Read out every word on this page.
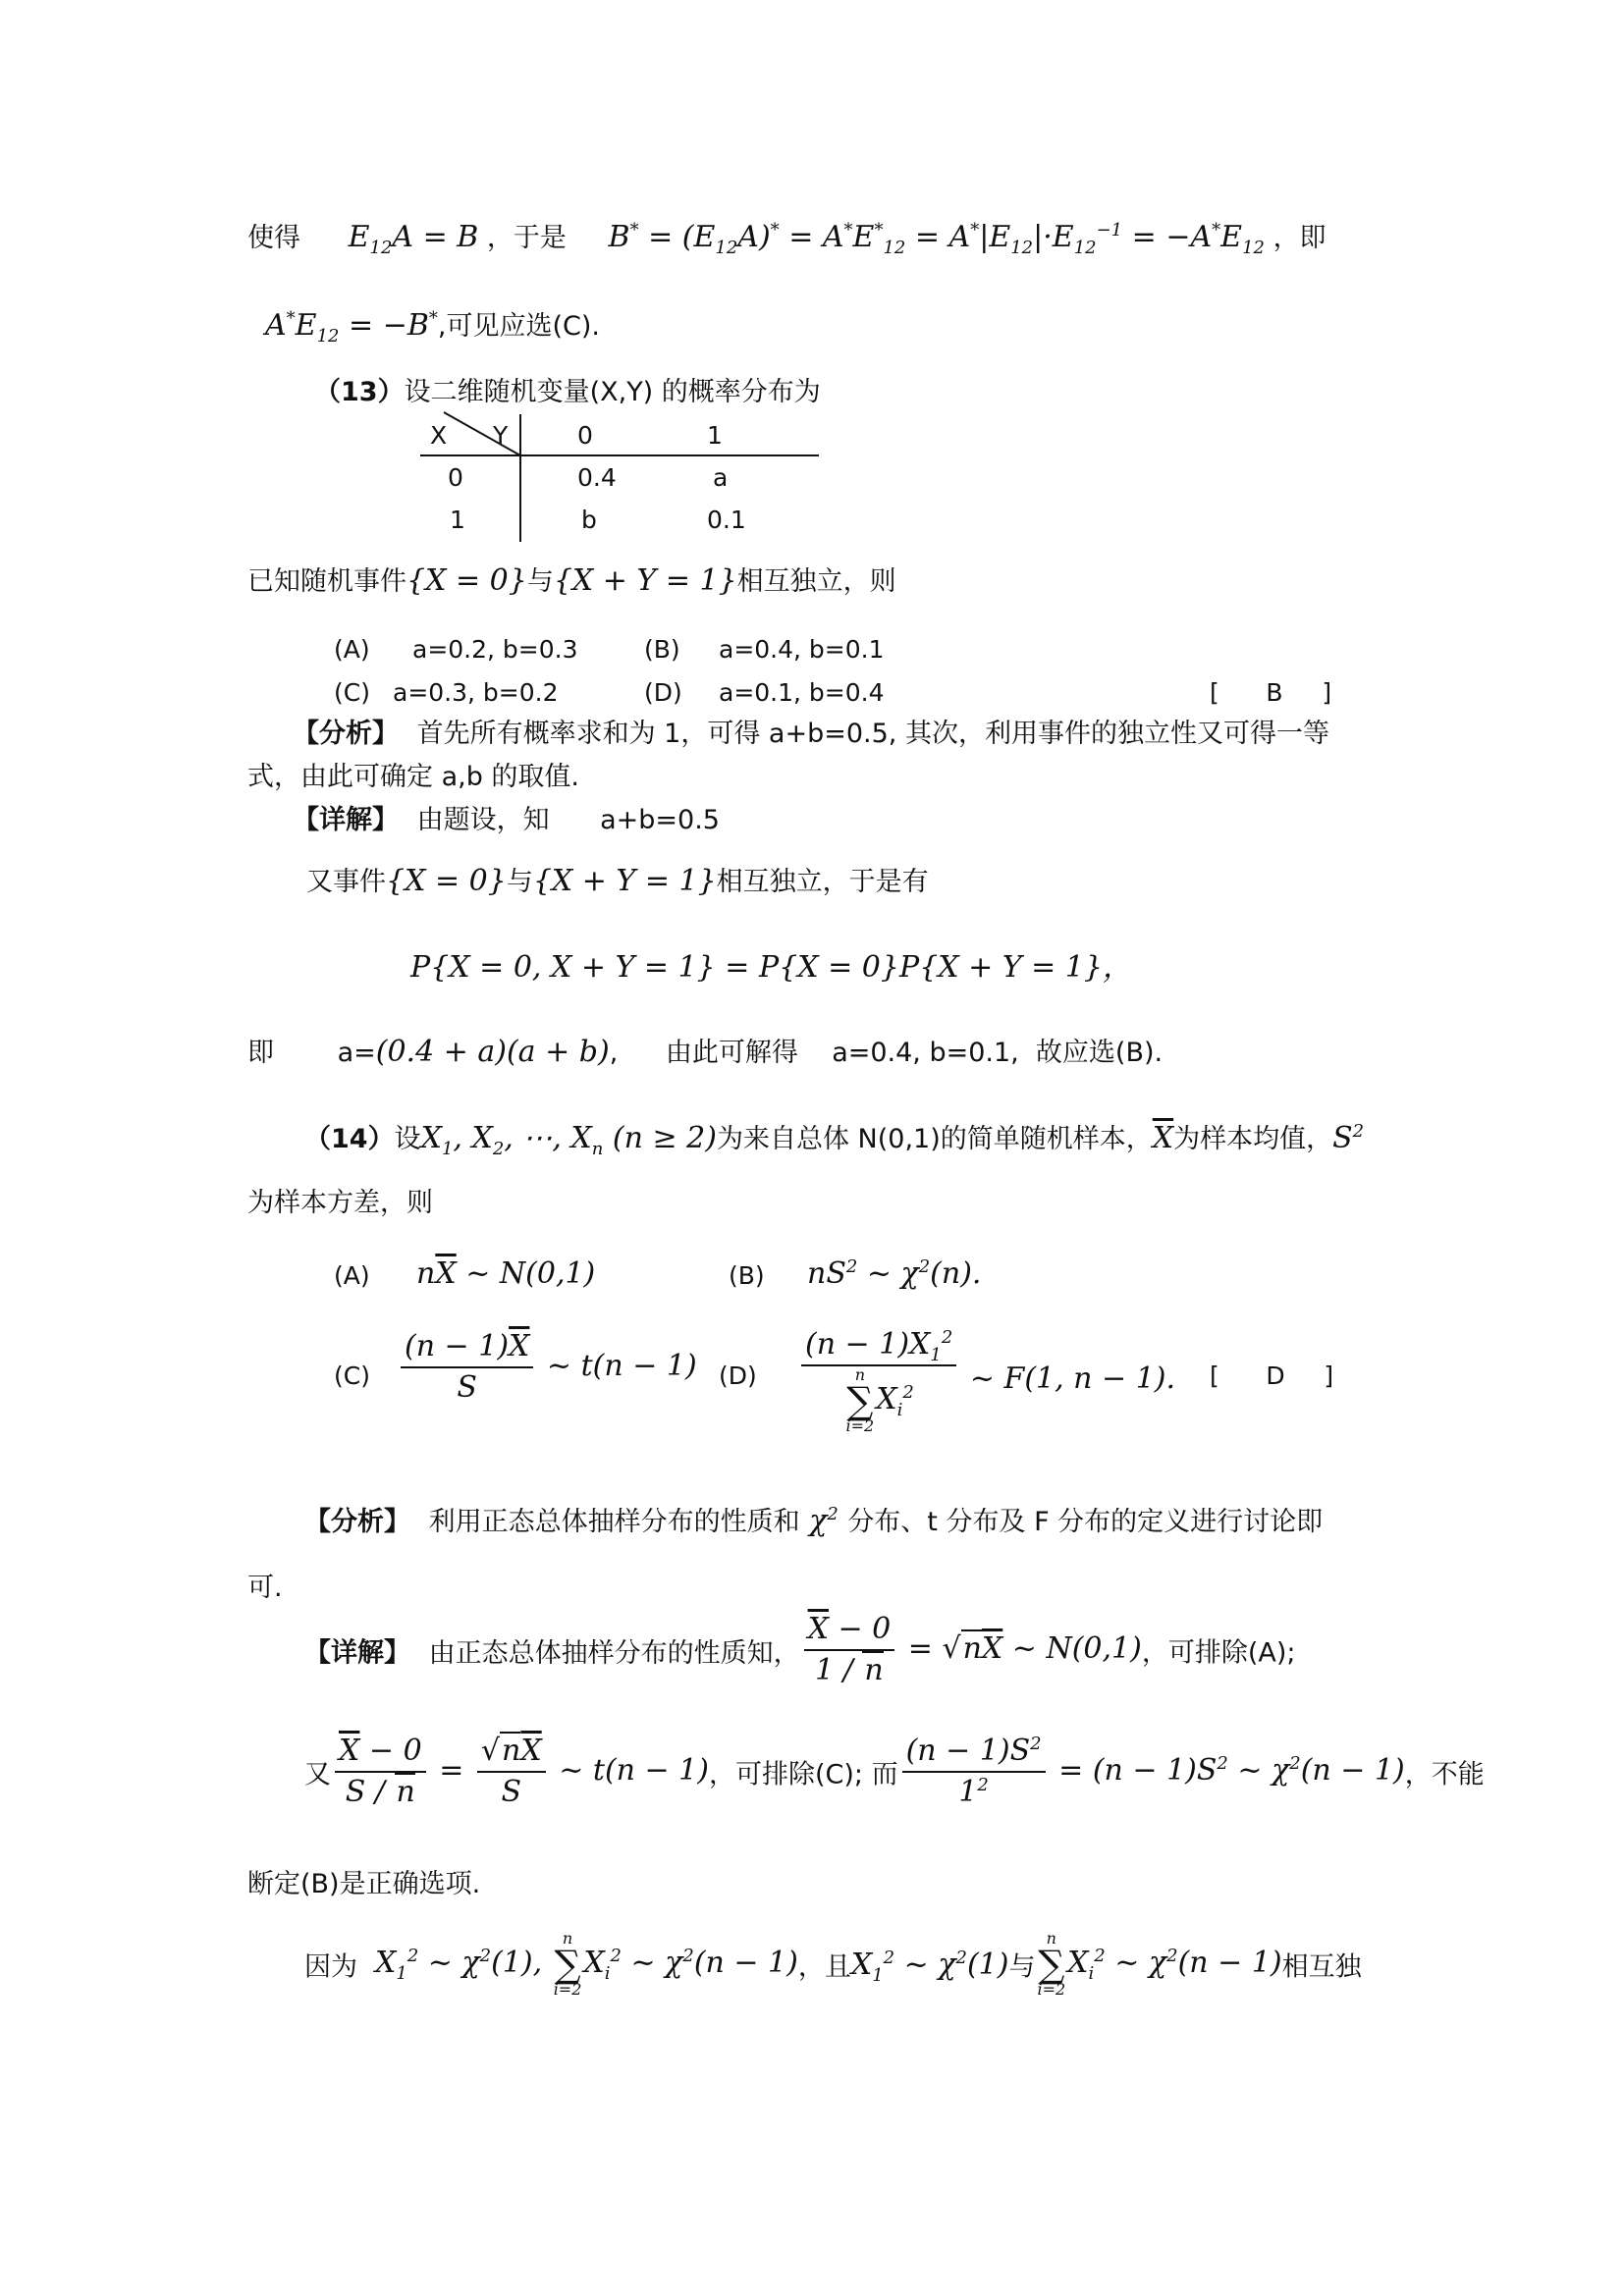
使得 $E_{12}A = B$ ，于是 $B^* = (E_{12}A)^* = A^*E^*_{12} = A^*|E_{12}|\cdot E_{12}^{-1} = -A^*E_{12}$ ，即
$A^*E_{12} = -B^*$,可见应选(C).
（13）设二维随机变量(X,Y) 的概率分布为
X Y	0	1
0	0.4	a
1	b	0.1
已知随机事件{X = 0}与{X + Y = 1}相互独立，则
(A) a=0.2, b=0.3	(B) a=0.4, b=0.1
(C) a=0.3, b=0.2	(D) a=0.1, b=0.4	[      B     ]
【分析】 首先所有概率求和为 1，可得 a+b=0.5, 其次，利用事件的独立性又可得一等
式，由此可确定 a,b 的取值.
【详解】 由题设，知      a+b=0.5
又事件{X = 0}与{X + Y = 1}相互独立，于是有
P{X = 0, X + Y = 1} = P{X = 0}P{X + Y = 1}，
即 a=(0.4 + a)(a + b), 由此可解得    a=0.4, b=0.1,  故应选(B).
（14）设$X_1$, $X_2$, ⋯, $X_n$ (n ≥ 2)为来自总体 N(0,1)的简单随机样本，$\overline{X}$为样本均值，$S^2$
为样本方差，则
(A) $n\overline{X}$ ~ N(0,1)	(B) $nS^2$ ~ $\chi^2(n)$.
$(C) \frac{(n - 1)\overline{X}}{S}$ ~ t(n − 1) (D) $(n - 1)X_1^2$
n
∑
i=2
$X_i^2$ ~ F(1, n − 1). [      D     ]
【分析】 利用正态总体抽样分布的性质和 $\chi^2$ 分布、t 分布及 F 分布的定义进行讨论即
可.
【详解】 由正态总体抽样分布的性质知， $\frac{\overline{X} - 0}{1 / n} = √n\overline{X}$ ~ N(0,1)，可排除(A);
又 $\frac{\overline{X} - 0}{S / n} = \frac{√n\overline{X}}{S}$ ~ t(n − 1)，可排除(C); 而 $\frac{(n - 1)S^2}{1^2} = (n - 1)S^2$ ~ $\chi^2(n - 1)$，不能
断定(B)是正确选项.
因为 $X_1^2$ ~ $\chi^2(1)$,
n
∑
i=2
$X_i^2$ ~ $\chi^2(n - 1)$，且$X_1^2$ ~ $\chi^2(1)$与
n
∑
i=2
$X_i^2$ ~ $\chi^2(n - 1)$相互独
